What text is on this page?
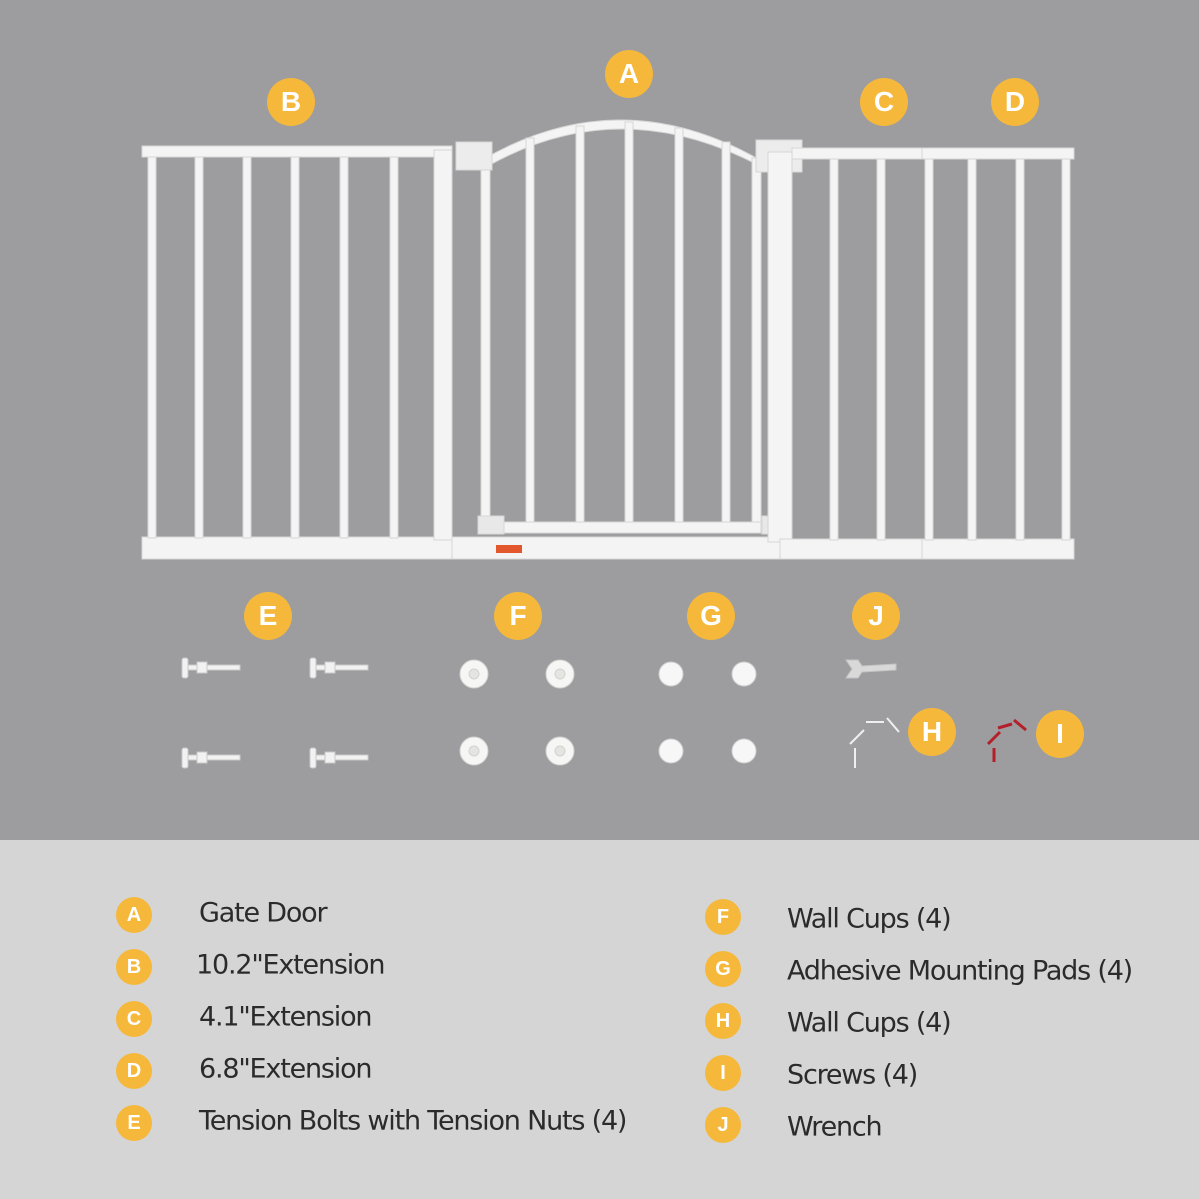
A
B	C	D
E	F	G	J
H	I
A	Gate Door
B	10.2"Extension
C	4.1"Extension
D	6.8"Extension
E	Tension Bolts with Tension Nuts (4)
F	Wall Cups (4)
G	Adhesive Mounting Pads (4)
H	Wall Cups (4)
I	Screws (4)
J	Wrench
